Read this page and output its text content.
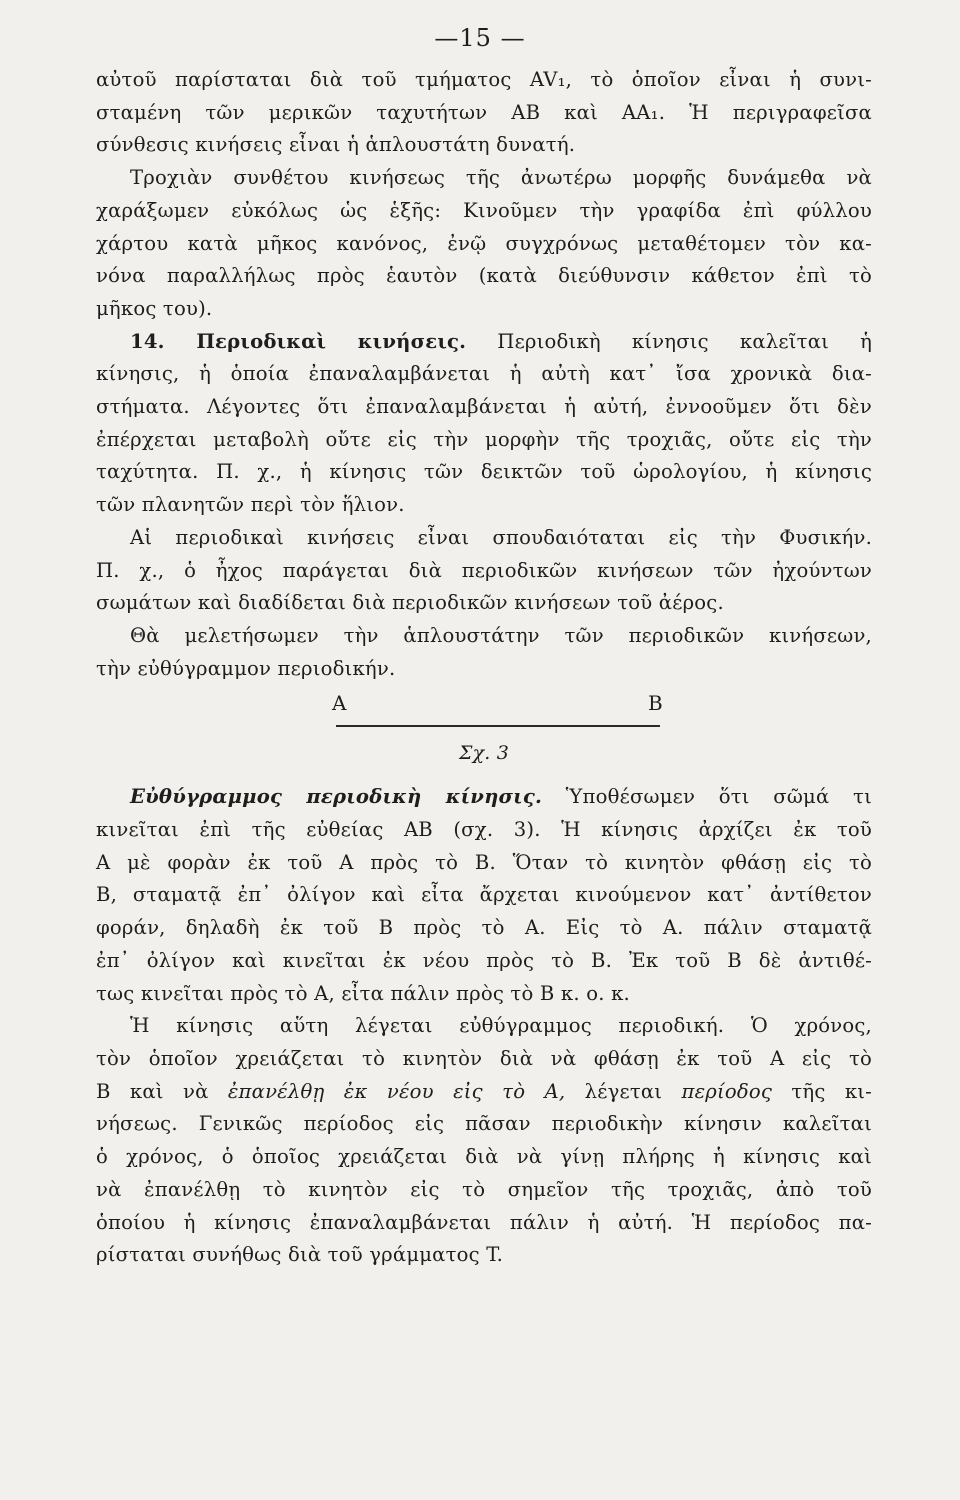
—15 —

αὐτοῦ παρίσταται διὰ τοῦ τμήματος AV₁, τὸ ὁποῖον εἶναι ἡ συνι-

σταμένη τῶν μερικῶν ταχυτήτων AB καὶ AA₁. Ἡ περιγραφεῖσα

σύνθεσις κινήσεις εἶναι ἡ ἁπλουστάτη δυνατή.

Τροχιὰν συνθέτου κινήσεως τῆς ἀνωτέρω μορφῆς δυνάμεθα νὰ

χαράξωμεν εὐκόλως ὡς ἑξῆς: Κινοῦμεν τὴν γραφίδα ἐπὶ φύλλου

χάρτου κατὰ μῆκος κανόνος, ἐνῷ συγχρόνως μεταθέτομεν τὸν κα-

νόνα παραλλήλως πρὸς ἑαυτὸν (κατὰ διεύθυνσιν κάθετον ἐπὶ τὸ

μῆκος του).

14. Περιοδικαὶ κινήσεις. Περιοδικὴ κίνησις καλεῖται ἡ

κίνησις, ἡ ὁποία ἐπαναλαμβάνεται ἡ αὐτὴ κατ᾽ ἴσα χρονικὰ δια-

στήματα. Λέγοντες ὅτι ἐπαναλαμβάνεται ἡ αὐτή, ἐννοοῦμεν ὅτι δὲν

ἐπέρχεται μεταβολὴ οὔτε εἰς τὴν μορφὴν τῆς τροχιᾶς, οὔτε εἰς τὴν

ταχύτητα. Π. χ., ἡ κίνησις τῶν δεικτῶν τοῦ ὡρολογίου, ἡ κίνησις

τῶν πλανητῶν περὶ τὸν ἥλιον.

Αἱ περιοδικαὶ κινήσεις εἶναι σπουδαιόταται εἰς τὴν Φυσικήν.

Π. χ., ὁ ἦχος παράγεται διὰ περιοδικῶν κινήσεων τῶν ἠχούντων

σωμάτων καὶ διαδίδεται διὰ περιοδικῶν κινήσεων τοῦ ἀέρος.

Θὰ μελετήσωμεν τὴν ἁπλουστάτην τῶν περιοδικῶν κινήσεων,

τὴν εὐθύγραμμον περιοδικήν.

A	B
Σχ. 3

Εὐθύγραμμος περιοδικὴ κίνησις. Ὑποθέσωμεν ὅτι σῶμά τι

κινεῖται ἐπὶ τῆς εὐθείας AB (σχ. 3). Ἡ κίνησις ἀρχίζει ἐκ τοῦ

A μὲ φορὰν ἐκ τοῦ A πρὸς τὸ B. Ὅταν τὸ κινητὸν φθάσῃ εἰς τὸ

B, σταματᾷ ἐπ᾽ ὀλίγον καὶ εἶτα ἄρχεται κινούμενον κατ᾽ ἀντίθετον

φοράν, δηλαδὴ ἐκ τοῦ B πρὸς τὸ A. Εἰς τὸ A. πάλιν σταματᾷ

ἐπ᾽ ὀλίγον καὶ κινεῖται ἐκ νέου πρὸς τὸ B. Ἐκ τοῦ B δὲ ἀντιθέ-

τως κινεῖται πρὸς τὸ A, εἶτα πάλιν πρὸς τὸ B κ. ο. κ.

Ἡ κίνησις αὕτη λέγεται εὐθύγραμμος περιοδική. Ὁ χρόνος,

τὸν ὁποῖον χρειάζεται τὸ κινητὸν διὰ νὰ φθάσῃ ἐκ τοῦ A εἰς τὸ

B καὶ νὰ ἐπανέλθῃ ἐκ νέου εἰς τὸ A, λέγεται περίοδος τῆς κι-

νήσεως. Γενικῶς περίοδος εἰς πᾶσαν περιοδικὴν κίνησιν καλεῖται

ὁ χρόνος, ὁ ὁποῖος χρειάζεται διὰ νὰ γίνῃ πλήρης ἡ κίνησις καὶ

νὰ ἐπανέλθῃ τὸ κινητὸν εἰς τὸ σημεῖον τῆς τροχιᾶς, ἀπὸ τοῦ

ὁποίου ἡ κίνησις ἐπαναλαμβάνεται πάλιν ἡ αὐτή. Ἡ περίοδος πα-

ρίσταται συνήθως διὰ τοῦ γράμματος T.
